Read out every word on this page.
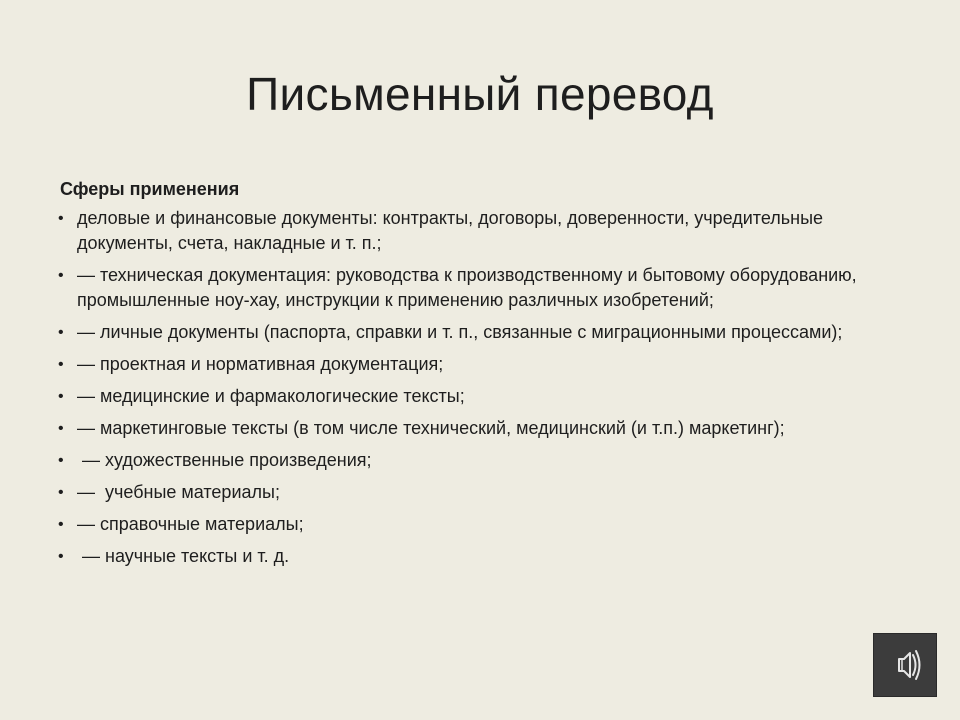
Письменный перевод
Сферы применения
• деловые и финансовые документы: контракты, договоры, доверенности, учредительные документы, счета, накладные и т. п.;
• — техническая документация: руководства к производственному и бытовому оборудованию, промышленные ноу-хау, инструкции к применению различных изобретений;
• — личные документы (паспорта, справки и т. п., связанные с миграционными процессами);
• — проектная и нормативная документация;
• — медицинские и фармакологические тексты;
• — маркетинговые тексты (в том числе технический, медицинский (и т.п.) маркетинг);
• — художественные произведения;
• —  учебные материалы;
• — справочные материалы;
• — научные тексты и т. д.
